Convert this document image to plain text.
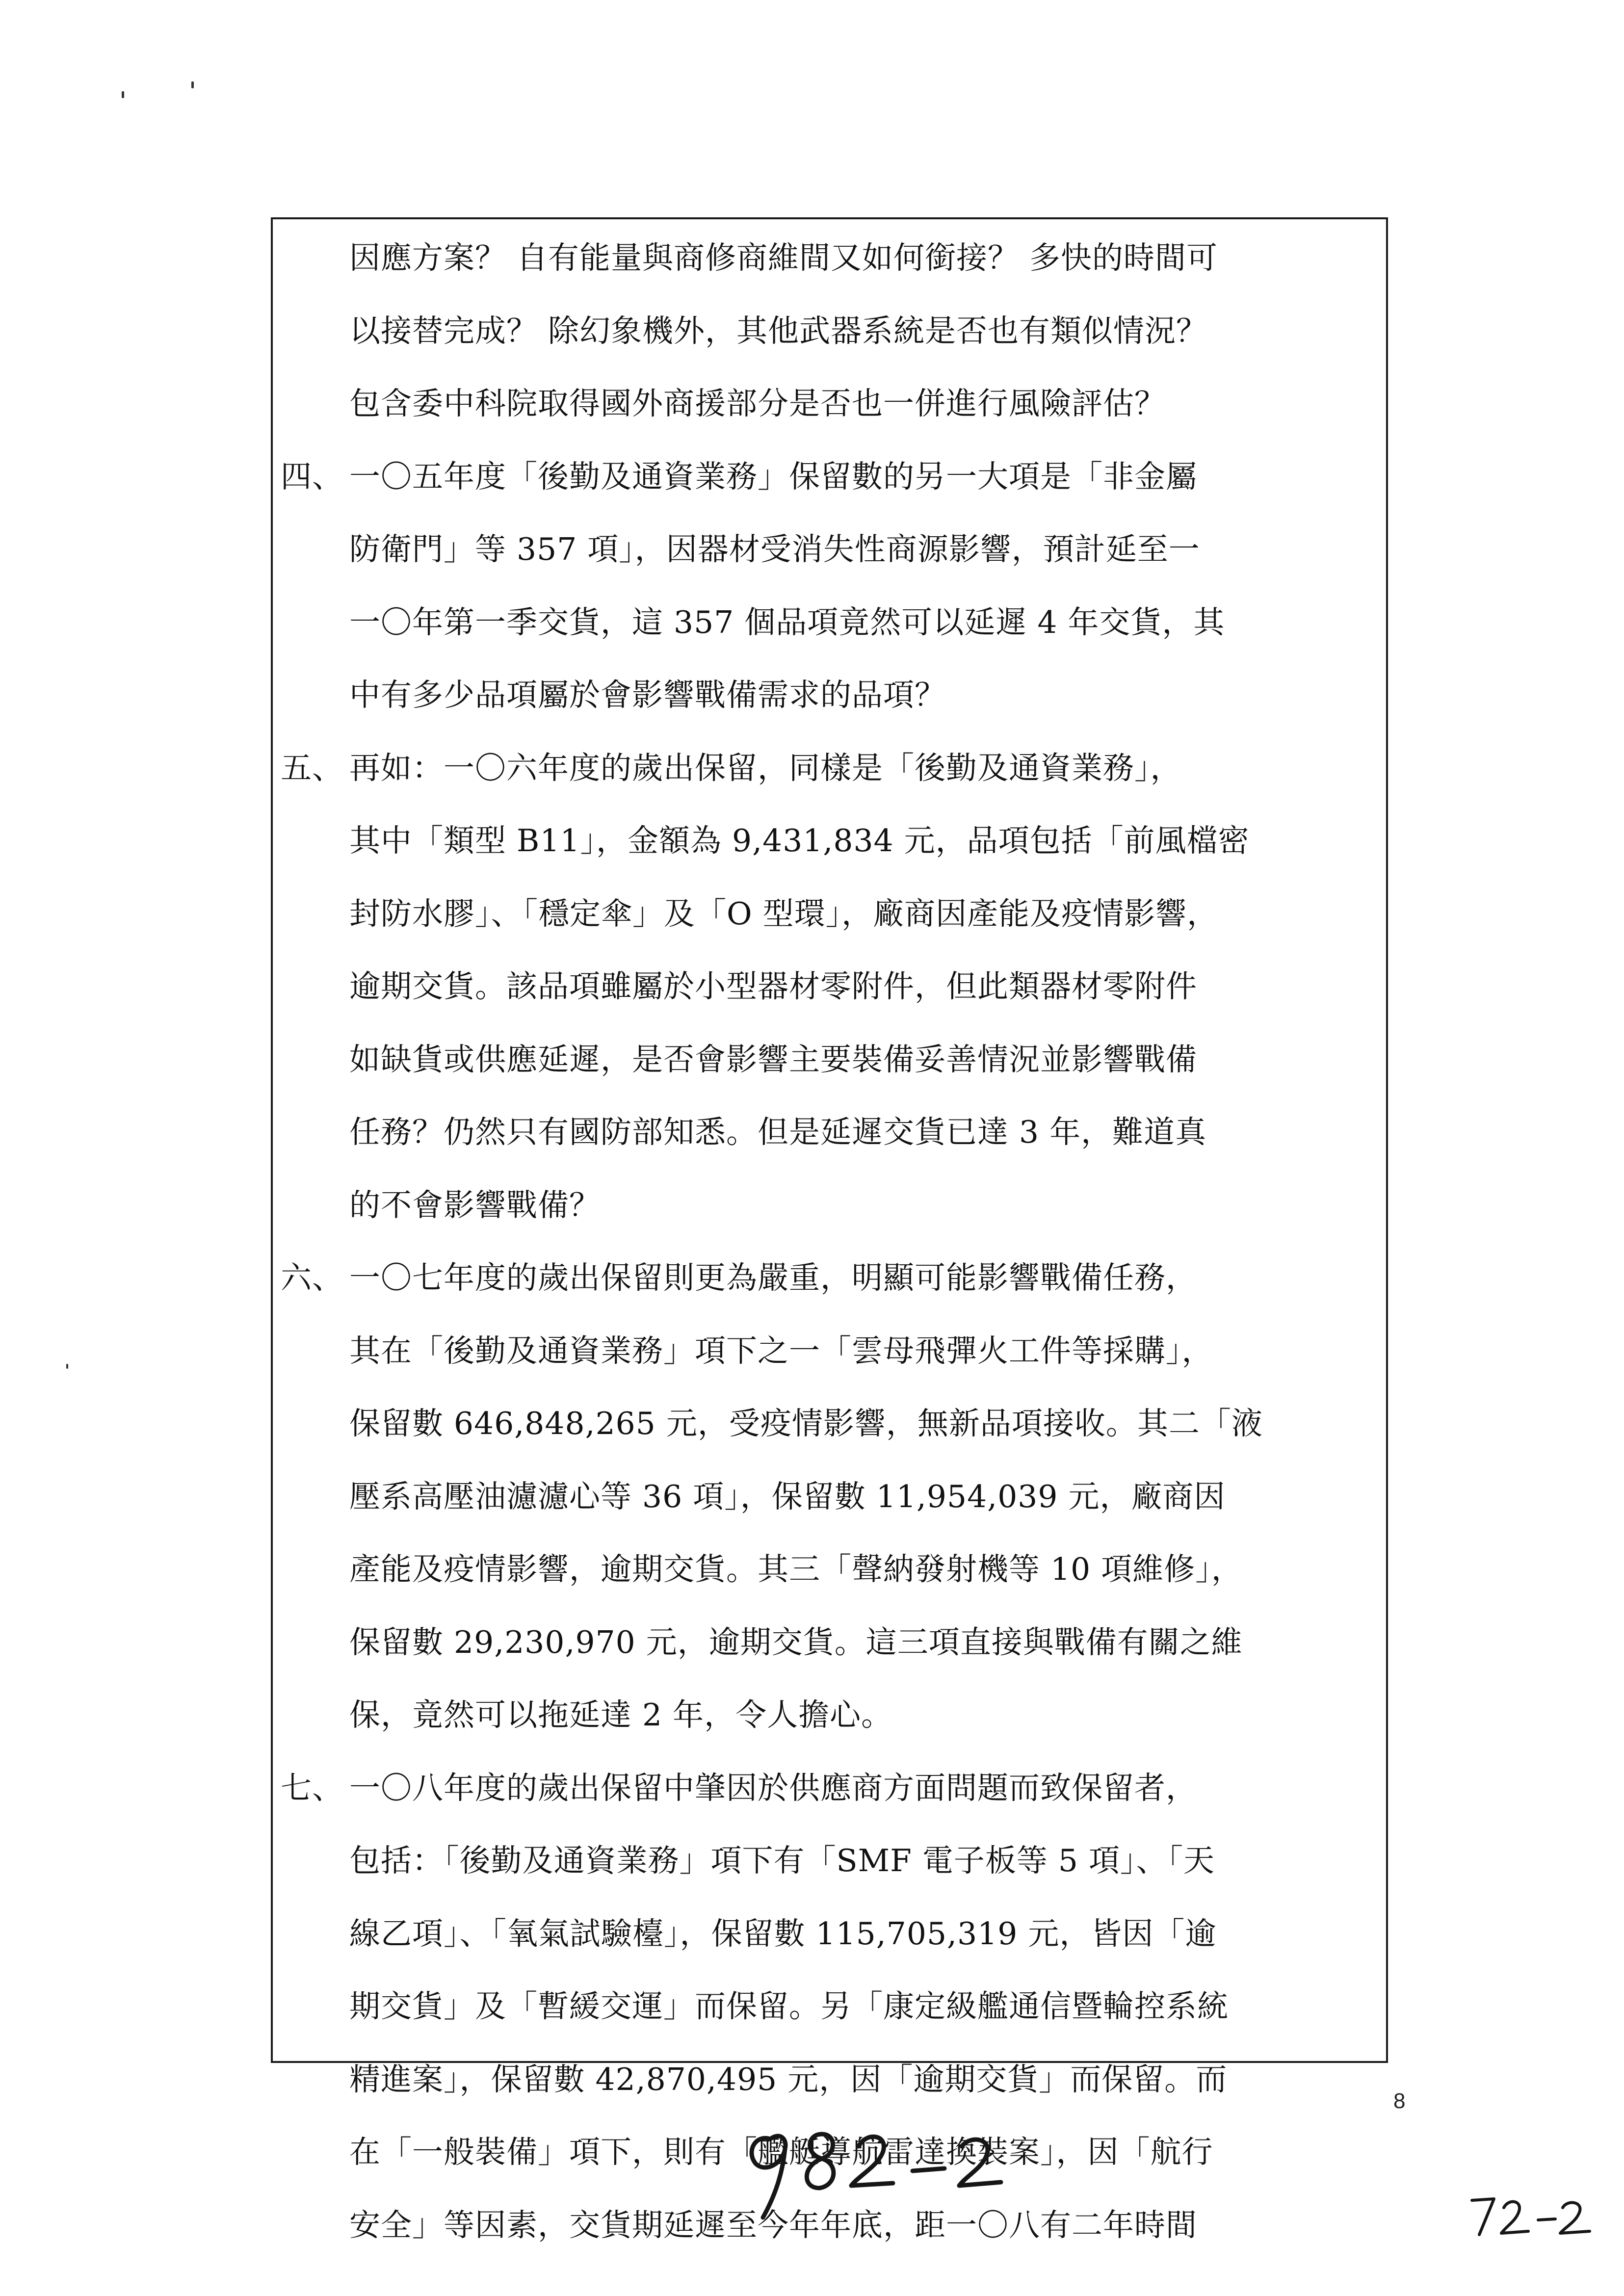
因應方案？ 自有能量與商修商維間又如何銜接？ 多快的時間可
以接替完成？ 除幻象機外，其他武器系統是否也有類似情況？
包含委中科院取得國外商援部分是否也一併進行風險評估？
四、 一〇五年度「後勤及通資業務」保留數的另一大項是「非金屬
防衛門」等 357 項」，因器材受消失性商源影響，預計延至一
一〇年第一季交貨，這 357 個品項竟然可以延遲 4 年交貨，其
中有多少品項屬於會影響戰備需求的品項？
五、 再如：一〇六年度的歲出保留，同樣是「後勤及通資業務」，
其中「類型 B11」，金額為 9,431,834 元，品項包括「前風檔密
封防水膠」、「穩定傘」及「O 型環」，廠商因產能及疫情影響，
逾期交貨。該品項雖屬於小型器材零附件，但此類器材零附件
如缺貨或供應延遲，是否會影響主要裝備妥善情況並影響戰備
任務？仍然只有國防部知悉。但是延遲交貨已達 3 年，難道真
的不會影響戰備？
六、 一〇七年度的歲出保留則更為嚴重，明顯可能影響戰備任務，
其在「後勤及通資業務」項下之一「雲母飛彈火工件等採購」，
保留數 646,848,265 元，受疫情影響，無新品項接收。其二「液
壓系高壓油濾濾心等 36 項」，保留數 11,954,039 元，廠商因
產能及疫情影響，逾期交貨。其三「聲納發射機等 10 項維修」，
保留數 29,230,970 元，逾期交貨。這三項直接與戰備有關之維
保，竟然可以拖延達 2 年，令人擔心。
七、 一〇八年度的歲出保留中肇因於供應商方面問題而致保留者，
包括：「後勤及通資業務」項下有「SMF 電子板等 5 項」、「天
線乙項」、「氧氣試驗檯」，保留數 115,705,319 元，皆因「逾
期交貨」及「暫緩交運」而保留。另「康定級艦通信暨輪控系統
精進案」，保留數 42,870,495 元，因「逾期交貨」而保留。而
在「一般裝備」項下，則有「艦艇導航雷達換裝案」，因「航行
安全」等因素，交貨期延遲至今年年底，距一〇八有二年時間
8
